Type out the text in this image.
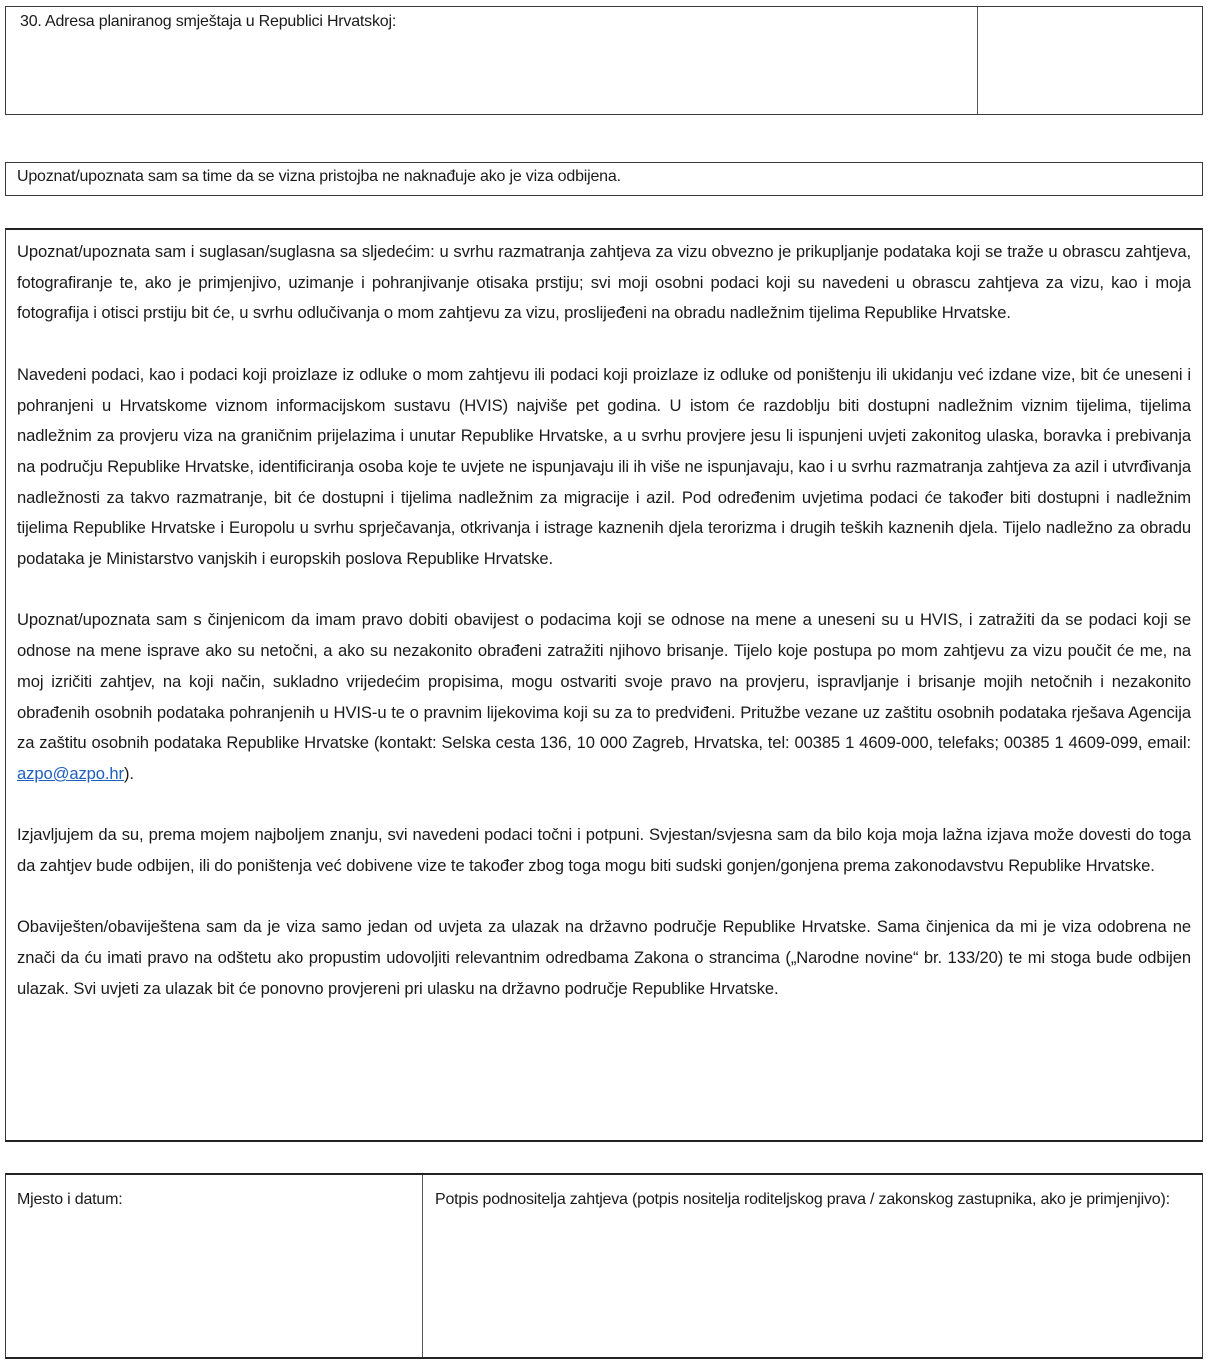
30. Adresa planiranog smještaja u Republici Hrvatskoj:
Upoznat/upoznata sam sa time da se vizna pristojba ne naknađuje ako je viza odbijena.

Upoznat/upoznata sam i suglasan/suglasna sa sljedećim: u svrhu razmatranja zahtjeva za vizu obvezno je prikupljanje podataka koji se traže u obrascu zahtjeva, fotografiranje te, ako je primjenjivo, uzimanje i pohranjivanje otisaka prstiju; svi moji osobni podaci koji su navedeni u obrascu zahtjeva za vizu, kao i moja fotografija i otisci prstiju bit će, u svrhu odlučivanja o mom zahtjevu za vizu, proslijeđeni na obradu nadležnim tijelima Republike Hrvatske.

Navedeni podaci, kao i podaci koji proizlaze iz odluke o mom zahtjevu ili podaci koji proizlaze iz odluke od poništenju ili ukidanju već izdane vize, bit će uneseni i pohranjeni u Hrvatskome viznom informacijskom sustavu (HVIS) najviše pet godina. U istom će razdoblju biti dostupni nadležnim viznim tijelima, tijelima nadležnim za provjeru viza na graničnim prijelazima i unutar Republike Hrvatske, a u svrhu provjere jesu li ispunjeni uvjeti zakonitog ulaska, boravka i prebivanja na području Republike Hrvatske, identificiranja osoba koje te uvjete ne ispunjavaju ili ih više ne ispunjavaju, kao i u svrhu razmatranja zahtjeva za azil i utvrđivanja nadležnosti za takvo razmatranje, bit će dostupni i tijelima nadležnim za migracije i azil. Pod određenim uvjetima podaci će također biti dostupni i nadležnim tijelima Republike Hrvatske i Europolu u svrhu sprječavanja, otkrivanja i istrage kaznenih djela terorizma i drugih teških kaznenih djela. Tijelo nadležno za obradu podataka je Ministarstvo vanjskih i europskih poslova Republike Hrvatske.

Upoznat/upoznata sam s činjenicom da imam pravo dobiti obavijest o podacima koji se odnose na mene a uneseni su u HVIS, i zatražiti da se podaci koji se odnose na mene isprave ako su netočni, a ako su nezakonito obrađeni zatražiti njihovo brisanje. Tijelo koje postupa po mom zahtjevu za vizu poučit će me, na moj izričiti zahtjev, na koji način, sukladno vrijedećim propisima, mogu ostvariti svoje pravo na provjeru, ispravljanje i brisanje mojih netočnih i nezakonito obrađenih osobnih podataka pohranjenih u HVIS-u te o pravnim lijekovima koji su za to predviđeni. Pritužbe vezane uz zaštitu osobnih podataka rješava Agencija za zaštitu osobnih podataka Republike Hrvatske (kontakt: Selska cesta 136, 10 000 Zagreb, Hrvatska, tel: 00385 1 4609-000, telefaks; 00385 1 4609-099, email: azpo@azpo.hr).

Izjavljujem da su, prema mojem najboljem znanju, svi navedeni podaci točni i potpuni. Svjestan/svjesna sam da bilo koja moja lažna izjava može dovesti do toga da zahtjev bude odbijen, ili do poništenja već dobivene vize te također zbog toga mogu biti sudski gonjen/gonjena prema zakonodavstvu Republike Hrvatske.

Obaviješten/obaviještena sam da je viza samo jedan od uvjeta za ulazak na državno područje Republike Hrvatske. Sama činjenica da mi je viza odobrena ne znači da ću imati pravo na odštetu ako propustim udovoljiti relevantnim odredbama Zakona o strancima („Narodne novine“ br. 133/20) te mi stoga bude odbijen ulazak. Svi uvjeti za ulazak bit će ponovno provjereni pri ulasku na državno područje Republike Hrvatske.

Mjesto i datum:	Potpis podnositelja zahtjeva (potpis nositelja roditeljskog prava / zakonskog zastupnika, ako je primjenjivo):
